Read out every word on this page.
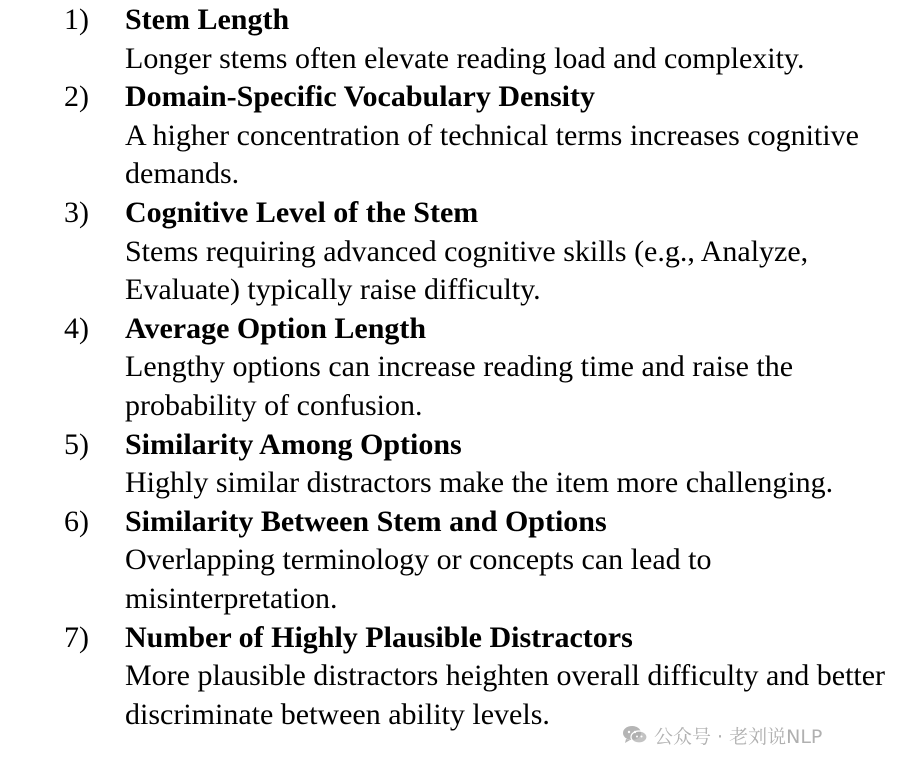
1) Stem Length
Longer stems often elevate reading load and complexity.
2) Domain-Specific Vocabulary Density
A higher concentration of technical terms increases cognitive demands.
3) Cognitive Level of the Stem
Stems requiring advanced cognitive skills (e.g., Analyze, Evaluate) typically raise difficulty.
4) Average Option Length
Lengthy options can increase reading time and raise the probability of confusion.
5) Similarity Among Options
Highly similar distractors make the item more challenging.
6) Similarity Between Stem and Options
Overlapping terminology or concepts can lead to misinterpretation.
7) Number of Highly Plausible Distractors
More plausible distractors heighten overall difficulty and better discriminate between ability levels.
公众号 · 老刘说NLP
